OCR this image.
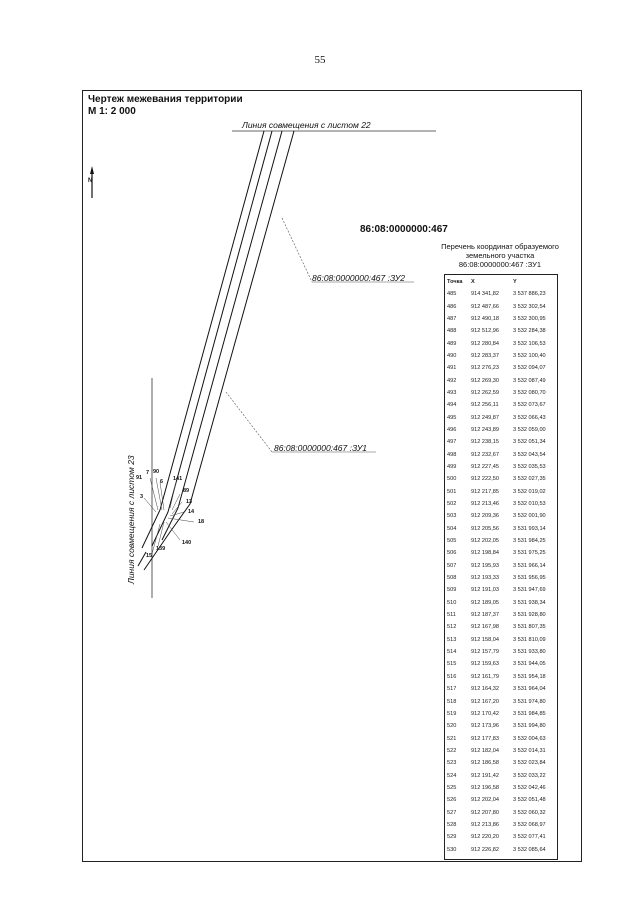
55
Чертеж межевания территории
М 1: 2 000
N
Линия совмещения с листом 22
Линия совмещения с листом 23
86:08:0000000:467
86:08:0000000:467 :ЗУ2
86:08:0000000:467 :ЗУ1
7 90
91
6
3
141
89
13
14
18
140
139
15
Перечень координат образуемого
земельного участка
86:08:0000000:467 :ЗУ1
Точка	X	Y
485	914 341,82	3 537 886,23
486	912 487,66	3 532 302,54
487	912 490,18	3 532 300,95
488	912 512,96	3 532 284,38
489	912 280,84	3 532 106,53
490	912 283,37	3 532 100,40
491	912 276,23	3 532 094,07
492	912 269,30	3 532 087,49
493	912 262,59	3 532 080,70
494	912 256,11	3 532 073,67
495	912 249,87	3 532 066,43
496	912 243,89	3 532 059,00
497	912 238,15	3 532 051,34
498	912 232,67	3 532 043,54
499	912 227,45	3 532 035,53
500	912 222,50	3 532 027,35
501	912 217,85	3 532 019,02
502	912 213,46	3 532 010,53
503	912 209,36	3 532 001,90
504	912 205,56	3 531 993,14
505	912 202,05	3 531 984,25
506	912 198,84	3 531 975,25
507	912 195,93	3 531 966,14
508	912 193,33	3 531 956,95
509	912 191,03	3 531 947,69
510	912 189,05	3 531 938,34
511	912 187,37	3 531 928,80
512	912 167,98	3 531 807,35
513	912 158,04	3 531 810,09
514	912 157,79	3 531 933,80
515	912 159,63	3 531 944,05
516	912 161,79	3 531 954,18
517	912 164,32	3 531 964,04
518	912 167,20	3 531 974,80
519	912 170,42	3 531 984,85
520	912 173,96	3 531 994,80
521	912 177,83	3 532 004,63
522	912 182,04	3 532 014,31
523	912 186,58	3 532 023,84
524	912 191,42	3 532 033,22
525	912 196,58	3 532 042,46
526	912 202,04	3 532 051,48
527	912 207,80	3 532 060,32
528	912 213,86	3 532 068,97
529	912 220,20	3 532 077,41
530	912 226,82	3 532 085,64
